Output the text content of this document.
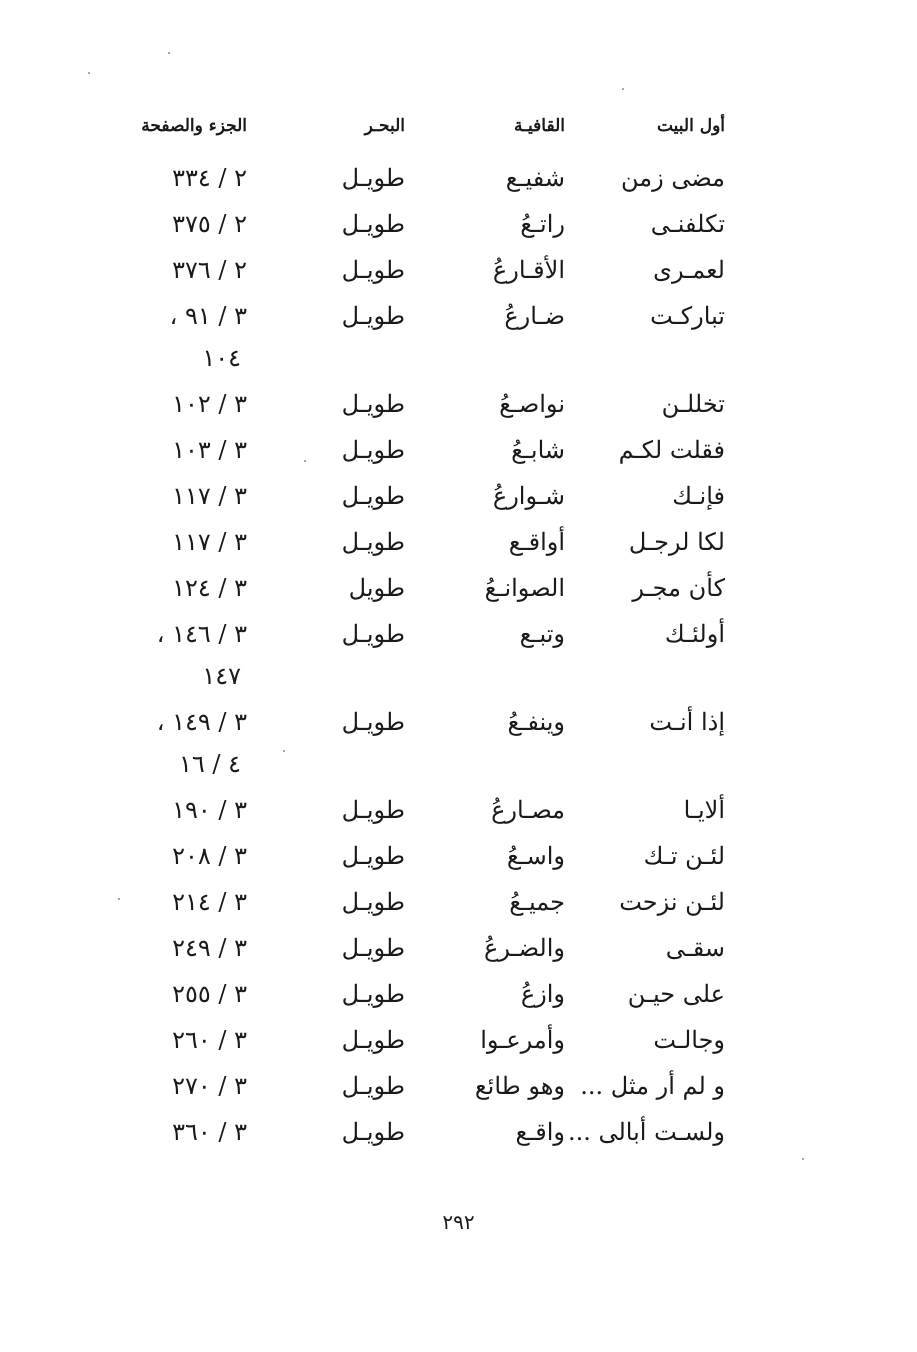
أول البيت
القافيـة
البحـر
الجزء والصفحة
مضى زمن
شفيـع
طويـل
٢ / ٣٣٤
تكلفنـى
راتـعُ
طويـل
٢ / ٣٧٥
لعمـرى
الأقـارعُ
طويـل
٢ / ٣٧٦
تباركـت
ضـارعُ
طويـل
٣ / ٩١ ،
١٠٤
تخللـن
نواصـعُ
طويـل
٣ / ١٠٢
فقلت لكـم
شابـعُ
طويـل
٣ / ١٠٣
فإنـك
شـوارعُ
طويـل
٣ / ١١٧
لكا لرجـل
أواقـع
طويـل
٣ / ١١٧
كأن مجـر
الصوانـعُ
طويل
٣ / ١٢٤
أولئـك
وتبـع
طويـل
٣ / ١٤٦ ،
١٤٧
إذا أنـت
وينفـعُ
طويـل
٣ / ١٤٩ ،
٤ / ١٦
ألايـا
مصـارعُ
طويـل
٣ / ١٩٠
لئـن تـك
واسـعُ
طويـل
٣ / ٢٠٨
لئـن نزحت
جميـعُ
طويـل
٣ / ٢١٤
سقـى
والضـرعُ
طويـل
٣ / ٢٤٩
على حيـن
وازعُ
طويـل
٣ / ٢٥٥
وجالـت
وأمرعـوا
طويـل
٣ / ٢٦٠
و لم أر مثل ...
وهو طائع
طويـل
٣ / ٢٧٠
ولسـت أبالى ...
واقـع
طويـل
٣ / ٣٦٠
٢٩٢
